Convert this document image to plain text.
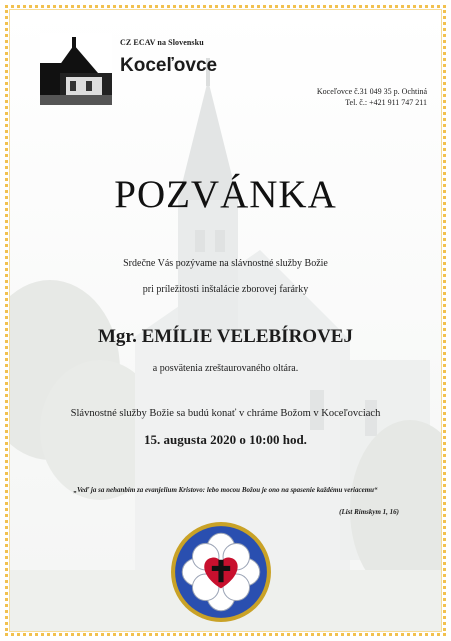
CZ ECAV na Slovensku
Koceľovce
Koceľovce č.31 049 35 p. Ochtiná
Tel. č.: +421 911 747 211
POZVÁNKA
Srdečne Vás pozývame na slávnostné služby Božie
pri príležitosti inštalácie zborovej farárky
Mgr. EMÍLIE VELEBÍROVEJ
a posvätenia zreštaurovaného oltára.
Slávnostné služby Božie sa budú konať v chráme Božom v Koceľovciach
15. augusta 2020 o 10:00 hod.
„Veď ja sa nehanbím za evanjelium Kristovo: lebo mocou Božou je ono na spasenie každému veriacemu“
(List Rímskym 1, 16)
